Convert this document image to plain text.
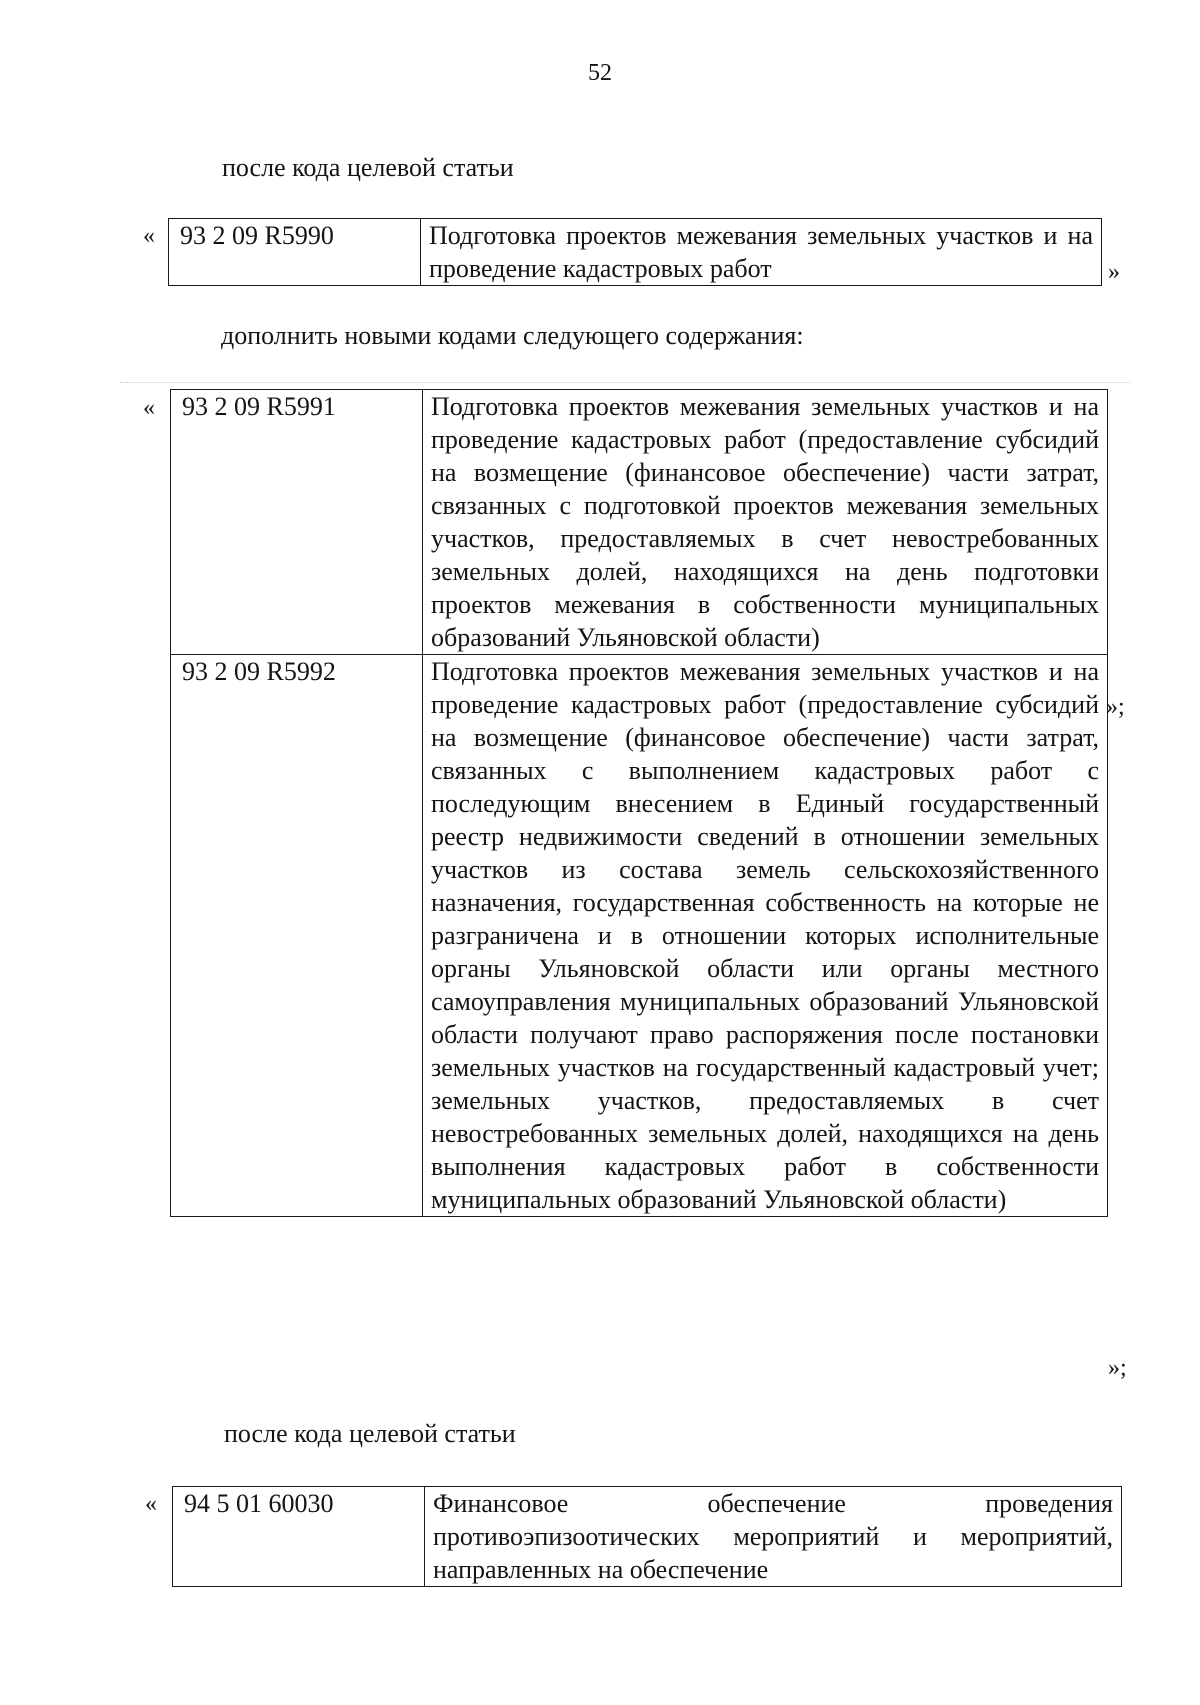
52
после кода целевой статьи
« 93 2 09 R5990	Подготовка проектов межевания земельных участков и на проведение кадастровых работ	»
дополнить новыми кодами следующего содержания:
« 93 2 09 R5991	Подготовка проектов межевания земельных участков и на проведение кадастровых работ (предоставление субсидий на возмещение (финансовое обеспечение) части затрат, связанных с подготовкой проектов межевания земельных участков, предоставляемых в счет невостребованных земельных долей, находящихся на день подготовки проектов межевания в собственности муниципальных образований Ульяновской области)
93 2 09 R5992	Подготовка проектов межевания земельных участков и на проведение кадастровых работ (предоставление субсидий на возмещение (финансовое обеспечение) части затрат, связанных с выполнением кадастровых работ с последующим внесением в Единый государственный реестр недвижимости сведений в отношении земельных участков из состава земель сельскохозяйственного назначения, государственная собственность на которые не разграничена и в отношении которых исполнительные органы Ульяновской области или органы местного самоуправления муниципальных образований Ульяновской области получают право распоряжения после постановки земельных участков на государственный кадастровый учет; земельных участков, предоставляемых в счет невостребованных земельных долей, находящихся на день выполнения кадастровых работ в собственности муниципальных образований Ульяновской области)
»;
»;
после кода целевой статьи
« 94 5 01 60030	Финансовое обеспечение проведения противоэпизоотических мероприятий и мероприятий, направленных на обеспечение
